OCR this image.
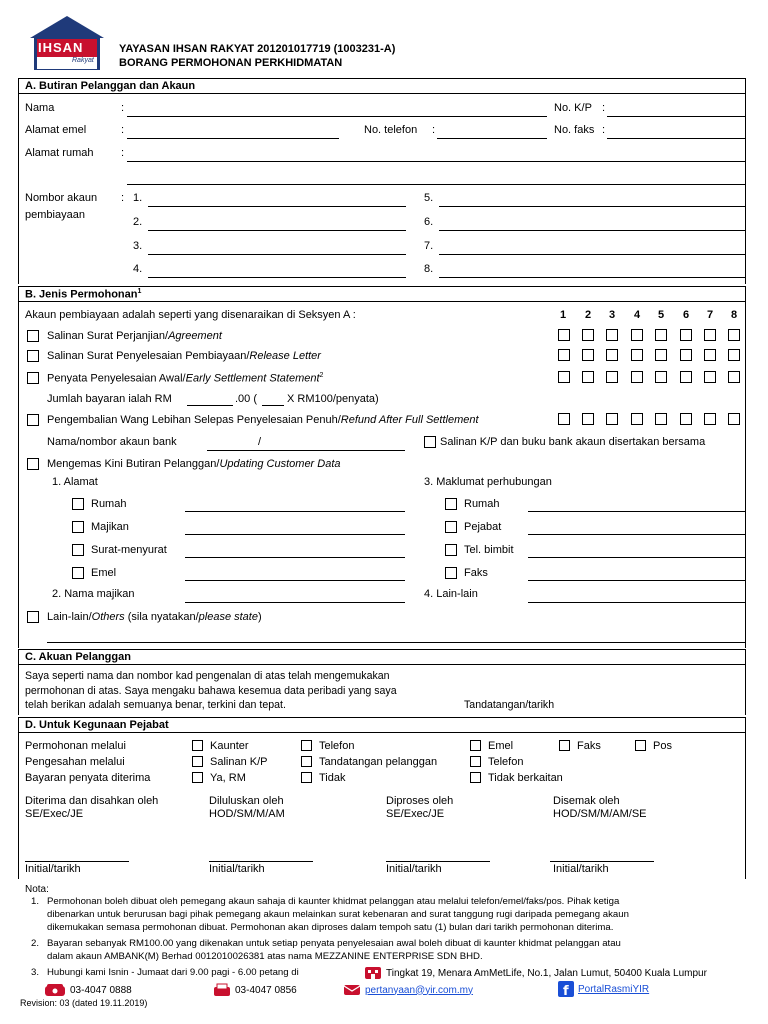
IHSAN
Rakyat
YAYASAN IHSAN RAKYAT 201201017719 (1003231-A)
BORANG PERMOHONAN PERKHIDMATAN
A. Butiran Pelanggan dan Akaun
Nama	:	No. K/P :
Alamat emel	:	No. telefon :	No. faks :
Alamat rumah	:
Nombor akaun
pembiayaan
: 1.
2.
3.
4.
5.
6.
7.
8.
B. Jenis Permohonan$^1$
Akaun pembiayaan adalah seperti yang disenaraikan di Seksyen A :	1 2 3 4 5 6 7 8
Salinan Surat Perjanjian/Agreement
Salinan Surat Penyelesaian Pembiayaan/Release Letter
Penyata Penyelesaian Awal/Early Settlement Statement$^2$
Jumlah bayaran ialah RM	.00 (	X RM100/penyata)
Pengembalian Wang Lebihan Selepas Penyelesaian Penuh/Refund After Full Settlement
Nama/nombor akaun bank	/	Salinan K/P dan buku bank akaun disertakan bersama
Mengemas Kini Butiran Pelanggan/Updating Customer Data
1. Alamat	3. Maklumat perhubungan
Rumah
Majikan
Surat-menyurat
Emel
Rumah
Pejabat
Tel. bimbit
Faks
2. Nama majikan	4. Lain-lain
Lain-lain/Others (sila nyatakan/please state)
C. Akuan Pelanggan
Saya seperti nama dan nombor kad pengenalan di atas telah mengemukakan
permohonan di atas. Saya mengaku bahawa kesemua data peribadi yang saya
telah berikan adalah semuanya benar, terkini dan tepat.	Tandatangan/tarikh
D. Untuk Kegunaan Pejabat
Permohonan melalui	Kaunter	Telefon	Emel	Faks	Pos
Pengesahan melalui	Salinan K/P	Tandatangan pelanggan	Telefon
Bayaran penyata diterima	Ya, RM	Tidak	Tidak berkaitan
Diterima dan disahkan oleh
SE/Exec/JE
Initial/tarikh
Diluluskan oleh
HOD/SM/M/AM
Initial/tarikh
Diproses oleh
SE/Exec/JE
Initial/tarikh
Disemak oleh
HOD/SM/M/AM/SE
Initial/tarikh
Nota:
1. Permohonan boleh dibuat oleh pemegang akaun sahaja di kaunter khidmat pelanggan atau melalui telefon/emel/faks/pos. Pihak ketiga
dibenarkan untuk berurusan bagi pihak pemegang akaun melainkan surat kebenaran and surat tanggung rugi daripada pemegang akaun
dikemukakan semasa permohonan dibuat. Permohonan akan diproses dalam tempoh satu (1) bulan dari tarikh permohonan diterima.
2. Bayaran sebanyak RM100.00 yang dikenakan untuk setiap penyata penyelesaian awal boleh dibuat di kaunter khidmat pelanggan atau
dalam akaun AMBANK(M) Berhad 0012010026381 atas nama MEZZANINE ENTERPRISE SDN BHD.
3. Hubungi kami Isnin - Jumaat dari 9.00 pagi - 6.00 petang di	Tingkat 19, Menara AmMetLife, No.1, Jalan Lumut, 50400 Kuala Lumpur
03-4047 0888	03-4047 0856	pertanyaan@yir.com.my	f PortalRasmiYIR
Revision: 03 (dated 19.11.2019)
